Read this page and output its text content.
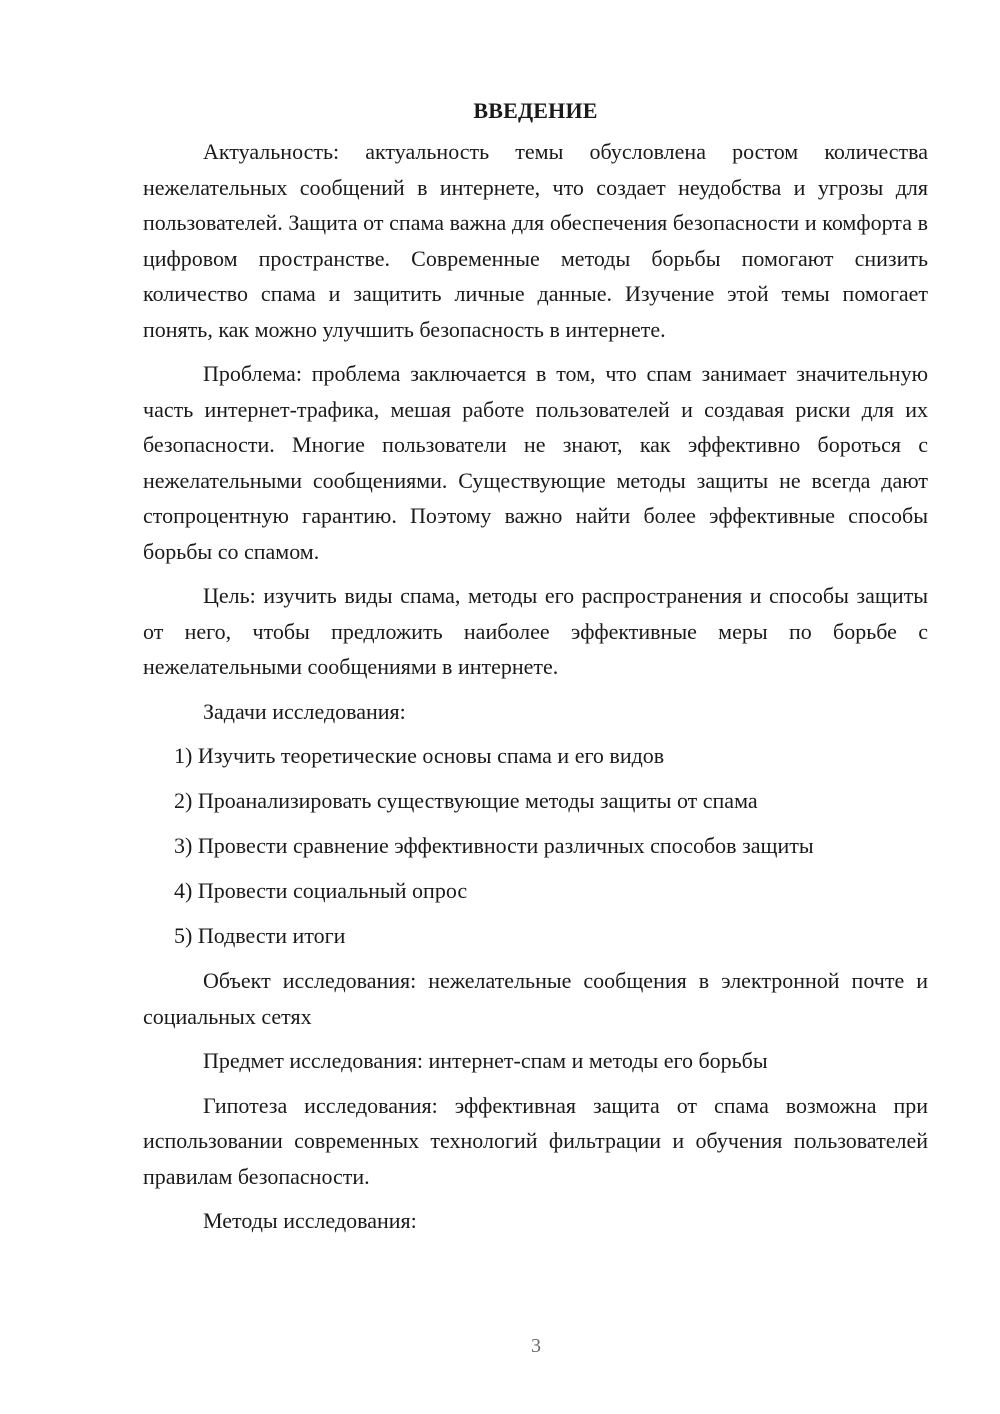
ВВЕДЕНИЕ

Актуальность: актуальность темы обусловлена ростом количества нежелательных сообщений в интернете, что создает неудобства и угрозы для пользователей. Защита от спама важна для обеспечения безопасности и комфорта в цифровом пространстве. Современные методы борьбы помогают снизить количество спама и защитить личные данные. Изучение этой темы помогает понять, как можно улучшить безопасность в интернете.

Проблема: проблема заключается в том, что спам занимает значительную часть интернет-трафика, мешая работе пользователей и создавая риски для их безопасности. Многие пользователи не знают, как эффективно бороться с нежелательными сообщениями. Существующие методы защиты не всегда дают стопроцентную гарантию. Поэтому важно найти более эффективные способы борьбы со спамом.

Цель: изучить виды спама, методы его распространения и способы защиты от него, чтобы предложить наиболее эффективные меры по борьбе с нежелательными сообщениями в интернете.

Задачи исследования:

1) Изучить теоретические основы спама и его видов
2) Проанализировать существующие методы защиты от спама
3) Провести сравнение эффективности различных способов защиты
4) Провести социальный опрос
5) Подвести итоги

Объект исследования: нежелательные сообщения в электронной почте и социальных сетях

Предмет исследования: интернет-спам и методы его борьбы

Гипотеза исследования: эффективная защита от спама возможна при использовании современных технологий фильтрации и обучения пользователей правилам безопасности.

Методы исследования:

3
